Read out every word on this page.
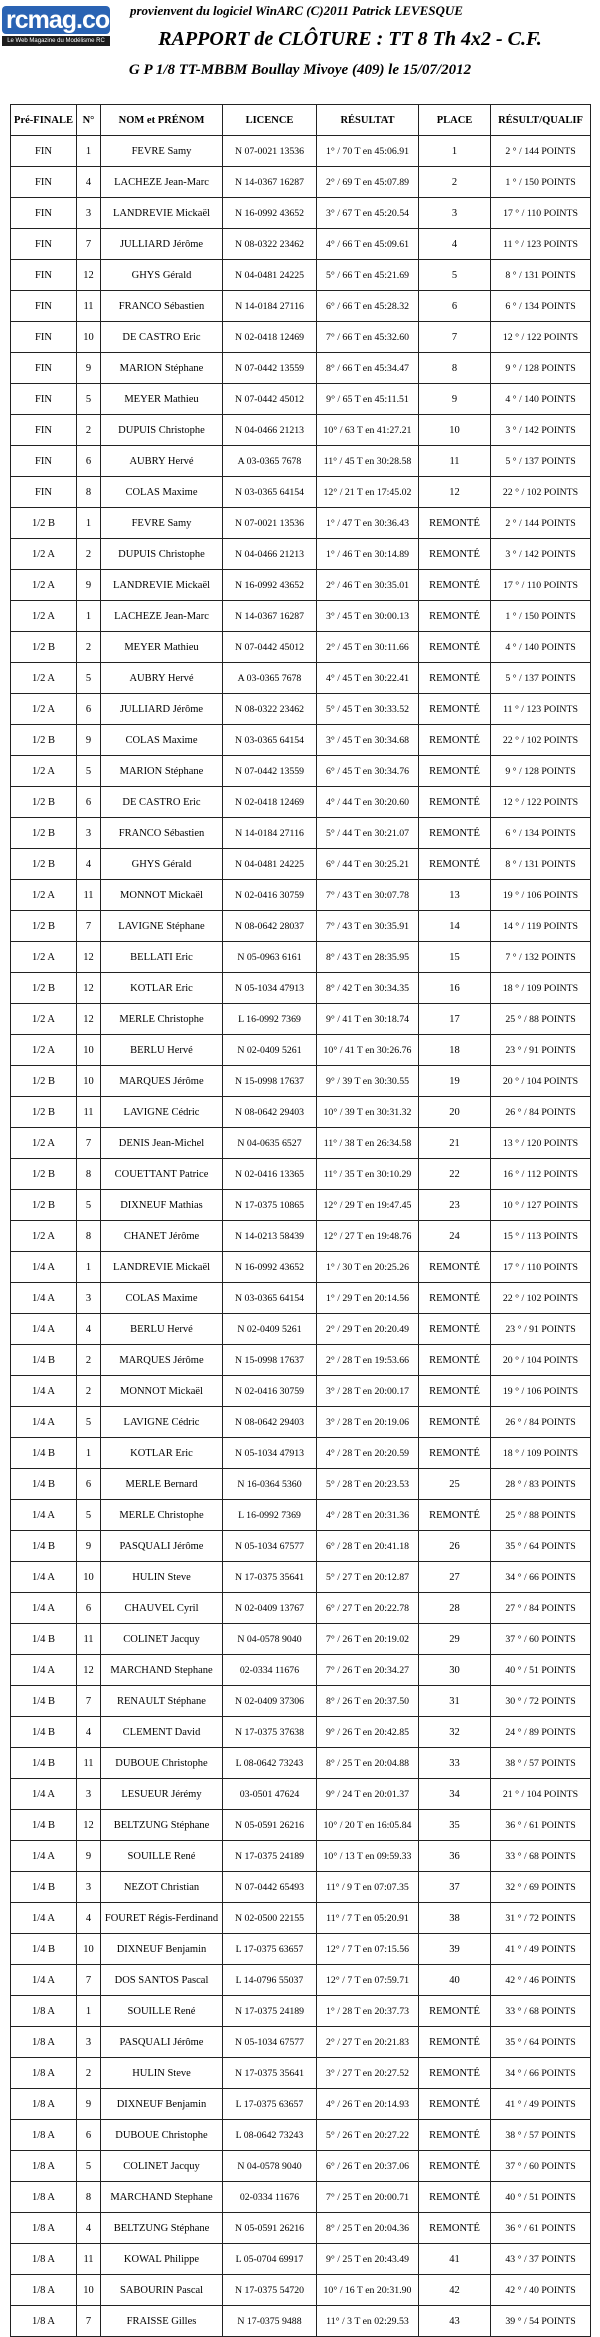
rcmag.com
Le Web Magazine du Modélisme RC
provienvent du logiciel WinARC (C)2011 Patrick LEVESQUE
RAPPORT de CLÔTURE : TT 8 Th 4x2 - C.F.
G P 1/8 TT-MBBM Boullay Mivoye (409) le 15/07/2012
Pré-FINALE	N°	NOM et PRÉNOM	LICENCE	RÉSULTAT	PLACE	RÉSULT/QUALIF
FIN	1	FEVRE Samy	N 07-0021 13536	1° / 70 T en 45:06.91	1	2 ° / 144 POINTS
FIN	4	LACHEZE Jean-Marc	N 14-0367 16287	2° / 69 T en 45:07.89	2	1 ° / 150 POINTS
FIN	3	LANDREVIE Mickaël	N 16-0992 43652	3° / 67 T en 45:20.54	3	17 ° / 110 POINTS
FIN	7	JULLIARD Jérôme	N 08-0322 23462	4° / 66 T en 45:09.61	4	11 ° / 123 POINTS
FIN	12	GHYS Gérald	N 04-0481 24225	5° / 66 T en 45:21.69	5	8 ° / 131 POINTS
FIN	11	FRANCO Sébastien	N 14-0184 27116	6° / 66 T en 45:28.32	6	6 ° / 134 POINTS
FIN	10	DE CASTRO Eric	N 02-0418 12469	7° / 66 T en 45:32.60	7	12 ° / 122 POINTS
FIN	9	MARION Stéphane	N 07-0442 13559	8° / 66 T en 45:34.47	8	9 ° / 128 POINTS
FIN	5	MEYER Mathieu	N 07-0442 45012	9° / 65 T en 45:11.51	9	4 ° / 140 POINTS
FIN	2	DUPUIS Christophe	N 04-0466 21213	10° / 63 T en 41:27.21	10	3 ° / 142 POINTS
FIN	6	AUBRY Hervé	A 03-0365 7678	11° / 45 T en 30:28.58	11	5 ° / 137 POINTS
FIN	8	COLAS Maxime	N 03-0365 64154	12° / 21 T en 17:45.02	12	22 ° / 102 POINTS
1/2 B	1	FEVRE Samy	N 07-0021 13536	1° / 47 T en 30:36.43	REMONTÉ	2 ° / 144 POINTS
1/2 A	2	DUPUIS Christophe	N 04-0466 21213	1° / 46 T en 30:14.89	REMONTÉ	3 ° / 142 POINTS
1/2 A	9	LANDREVIE Mickaël	N 16-0992 43652	2° / 46 T en 30:35.01	REMONTÉ	17 ° / 110 POINTS
1/2 A	1	LACHEZE Jean-Marc	N 14-0367 16287	3° / 45 T en 30:00.13	REMONTÉ	1 ° / 150 POINTS
1/2 B	2	MEYER Mathieu	N 07-0442 45012	2° / 45 T en 30:11.66	REMONTÉ	4 ° / 140 POINTS
1/2 A	5	AUBRY Hervé	A 03-0365 7678	4° / 45 T en 30:22.41	REMONTÉ	5 ° / 137 POINTS
1/2 A	6	JULLIARD Jérôme	N 08-0322 23462	5° / 45 T en 30:33.52	REMONTÉ	11 ° / 123 POINTS
1/2 B	9	COLAS Maxime	N 03-0365 64154	3° / 45 T en 30:34.68	REMONTÉ	22 ° / 102 POINTS
1/2 A	5	MARION Stéphane	N 07-0442 13559	6° / 45 T en 30:34.76	REMONTÉ	9 ° / 128 POINTS
1/2 B	6	DE CASTRO Eric	N 02-0418 12469	4° / 44 T en 30:20.60	REMONTÉ	12 ° / 122 POINTS
1/2 B	3	FRANCO Sébastien	N 14-0184 27116	5° / 44 T en 30:21.07	REMONTÉ	6 ° / 134 POINTS
1/2 B	4	GHYS Gérald	N 04-0481 24225	6° / 44 T en 30:25.21	REMONTÉ	8 ° / 131 POINTS
1/2 A	11	MONNOT Mickaël	N 02-0416 30759	7° / 43 T en 30:07.78	13	19 ° / 106 POINTS
1/2 B	7	LAVIGNE Stéphane	N 08-0642 28037	7° / 43 T en 30:35.91	14	14 ° / 119 POINTS
1/2 A	12	BELLATI Eric	N 05-0963 6161	8° / 43 T en 28:35.95	15	7 ° / 132 POINTS
1/2 B	12	KOTLAR Eric	N 05-1034 47913	8° / 42 T en 30:34.35	16	18 ° / 109 POINTS
1/2 A	12	MERLE Christophe	L 16-0992 7369	9° / 41 T en 30:18.74	17	25 ° / 88 POINTS
1/2 A	10	BERLU Hervé	N 02-0409 5261	10° / 41 T en 30:26.76	18	23 ° / 91 POINTS
1/2 B	10	MARQUES Jérôme	N 15-0998 17637	9° / 39 T en 30:30.55	19	20 ° / 104 POINTS
1/2 B	11	LAVIGNE Cédric	N 08-0642 29403	10° / 39 T en 30:31.32	20	26 ° / 84 POINTS
1/2 A	7	DENIS Jean-Michel	N 04-0635 6527	11° / 38 T en 26:34.58	21	13 ° / 120 POINTS
1/2 B	8	COUETTANT Patrice	N 02-0416 13365	11° / 35 T en 30:10.29	22	16 ° / 112 POINTS
1/2 B	5	DIXNEUF Mathias	N 17-0375 10865	12° / 29 T en 19:47.45	23	10 ° / 127 POINTS
1/2 A	8	CHANET Jérôme	N 14-0213 58439	12° / 27 T en 19:48.76	24	15 ° / 113 POINTS
1/4 A	1	LANDREVIE Mickaël	N 16-0992 43652	1° / 30 T en 20:25.26	REMONTÉ	17 ° / 110 POINTS
1/4 A	3	COLAS Maxime	N 03-0365 64154	1° / 29 T en 20:14.56	REMONTÉ	22 ° / 102 POINTS
1/4 A	4	BERLU Hervé	N 02-0409 5261	2° / 29 T en 20:20.49	REMONTÉ	23 ° / 91 POINTS
1/4 B	2	MARQUES Jérôme	N 15-0998 17637	2° / 28 T en 19:53.66	REMONTÉ	20 ° / 104 POINTS
1/4 A	2	MONNOT Mickaël	N 02-0416 30759	3° / 28 T en 20:00.17	REMONTÉ	19 ° / 106 POINTS
1/4 A	5	LAVIGNE Cédric	N 08-0642 29403	3° / 28 T en 20:19.06	REMONTÉ	26 ° / 84 POINTS
1/4 B	1	KOTLAR Eric	N 05-1034 47913	4° / 28 T en 20:20.59	REMONTÉ	18 ° / 109 POINTS
1/4 B	6	MERLE Bernard	N 16-0364 5360	5° / 28 T en 20:23.53	25	28 ° / 83 POINTS
1/4 A	5	MERLE Christophe	L 16-0992 7369	4° / 28 T en 20:31.36	REMONTÉ	25 ° / 88 POINTS
1/4 B	9	PASQUALI Jérôme	N 05-1034 67577	6° / 28 T en 20:41.18	26	35 ° / 64 POINTS
1/4 A	10	HULIN Steve	N 17-0375 35641	5° / 27 T en 20:12.87	27	34 ° / 66 POINTS
1/4 A	6	CHAUVEL Cyril	N 02-0409 13767	6° / 27 T en 20:22.78	28	27 ° / 84 POINTS
1/4 B	11	COLINET Jacquy	N 04-0578 9040	7° / 26 T en 20:19.02	29	37 ° / 60 POINTS
1/4 A	12	MARCHAND Stephane	02-0334 11676	7° / 26 T en 20:34.27	30	40 ° / 51 POINTS
1/4 B	7	RENAULT Stéphane	N 02-0409 37306	8° / 26 T en 20:37.50	31	30 ° / 72 POINTS
1/4 B	4	CLEMENT David	N 17-0375 37638	9° / 26 T en 20:42.85	32	24 ° / 89 POINTS
1/4 B	11	DUBOUE Christophe	L 08-0642 73243	8° / 25 T en 20:04.88	33	38 ° / 57 POINTS
1/4 A	3	LESUEUR Jérémy	03-0501 47624	9° / 24 T en 20:01.37	34	21 ° / 104 POINTS
1/4 B	12	BELTZUNG Stéphane	N 05-0591 26216	10° / 20 T en 16:05.84	35	36 ° / 61 POINTS
1/4 A	9	SOUILLE René	N 17-0375 24189	10° / 13 T en 09:59.33	36	33 ° / 68 POINTS
1/4 B	3	NEZOT Christian	N 07-0442 65493	11° / 9 T en 07:07.35	37	32 ° / 69 POINTS
1/4 A	4	FOURET Régis-Ferdinand	N 02-0500 22155	11° / 7 T en 05:20.91	38	31 ° / 72 POINTS
1/4 B	10	DIXNEUF Benjamin	L 17-0375 63657	12° / 7 T en 07:15.56	39	41 ° / 49 POINTS
1/4 A	7	DOS SANTOS Pascal	L 14-0796 55037	12° / 7 T en 07:59.71	40	42 ° / 46 POINTS
1/8 A	1	SOUILLE René	N 17-0375 24189	1° / 28 T en 20:37.73	REMONTÉ	33 ° / 68 POINTS
1/8 A	3	PASQUALI Jérôme	N 05-1034 67577	2° / 27 T en 20:21.83	REMONTÉ	35 ° / 64 POINTS
1/8 A	2	HULIN Steve	N 17-0375 35641	3° / 27 T en 20:27.52	REMONTÉ	34 ° / 66 POINTS
1/8 A	9	DIXNEUF Benjamin	L 17-0375 63657	4° / 26 T en 20:14.93	REMONTÉ	41 ° / 49 POINTS
1/8 A	6	DUBOUE Christophe	L 08-0642 73243	5° / 26 T en 20:27.22	REMONTÉ	38 ° / 57 POINTS
1/8 A	5	COLINET Jacquy	N 04-0578 9040	6° / 26 T en 20:37.06	REMONTÉ	37 ° / 60 POINTS
1/8 A	8	MARCHAND Stephane	02-0334 11676	7° / 25 T en 20:00.71	REMONTÉ	40 ° / 51 POINTS
1/8 A	4	BELTZUNG Stéphane	N 05-0591 26216	8° / 25 T en 20:04.36	REMONTÉ	36 ° / 61 POINTS
1/8 A	11	KOWAL Philippe	L 05-0704 69917	9° / 25 T en 20:43.49	41	43 ° / 37 POINTS
1/8 A	10	SABOURIN Pascal	N 17-0375 54720	10° / 16 T en 20:31.90	42	42 ° / 40 POINTS
1/8 A	7	FRAISSE Gilles	N 17-0375 9488	11° / 3 T en 02:29.53	43	39 ° / 54 POINTS
